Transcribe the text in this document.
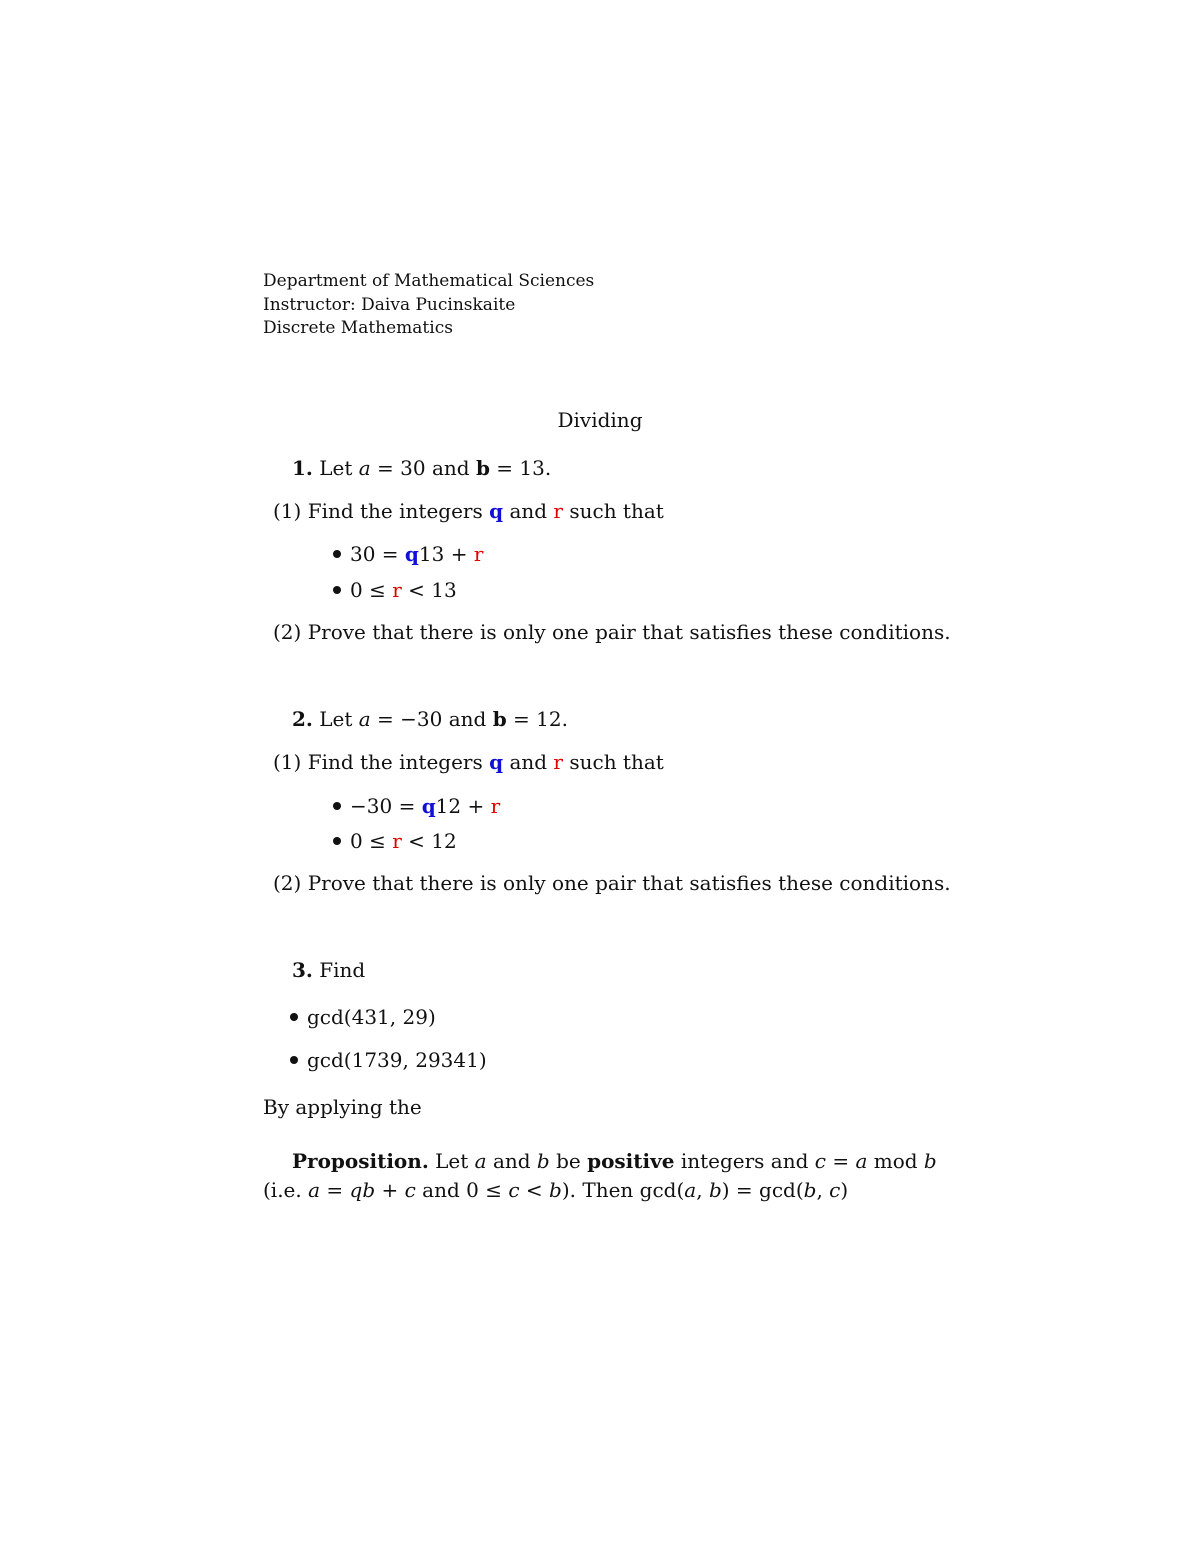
Department of Mathematical Sciences
Instructor: Daiva Pucinskaite
Discrete Mathematics
Dividing
1. Let a = 30 and b = 13.
(1) Find the integers q and r such that
30 = q13 + r
0 ≤ r < 13
(2) Prove that there is only one pair that satisfies these conditions.
2. Let a = −30 and b = 12.
(1) Find the integers q and r such that
−30 = q12 + r
0 ≤ r < 12
(2) Prove that there is only one pair that satisfies these conditions.
3. Find
gcd(431, 29)
gcd(1739, 29341)
By applying the
Proposition. Let a and b be positive integers and c = a mod b
(i.e. a = qb + c and 0 ≤ c < b). Then gcd(a, b) = gcd(b, c)
